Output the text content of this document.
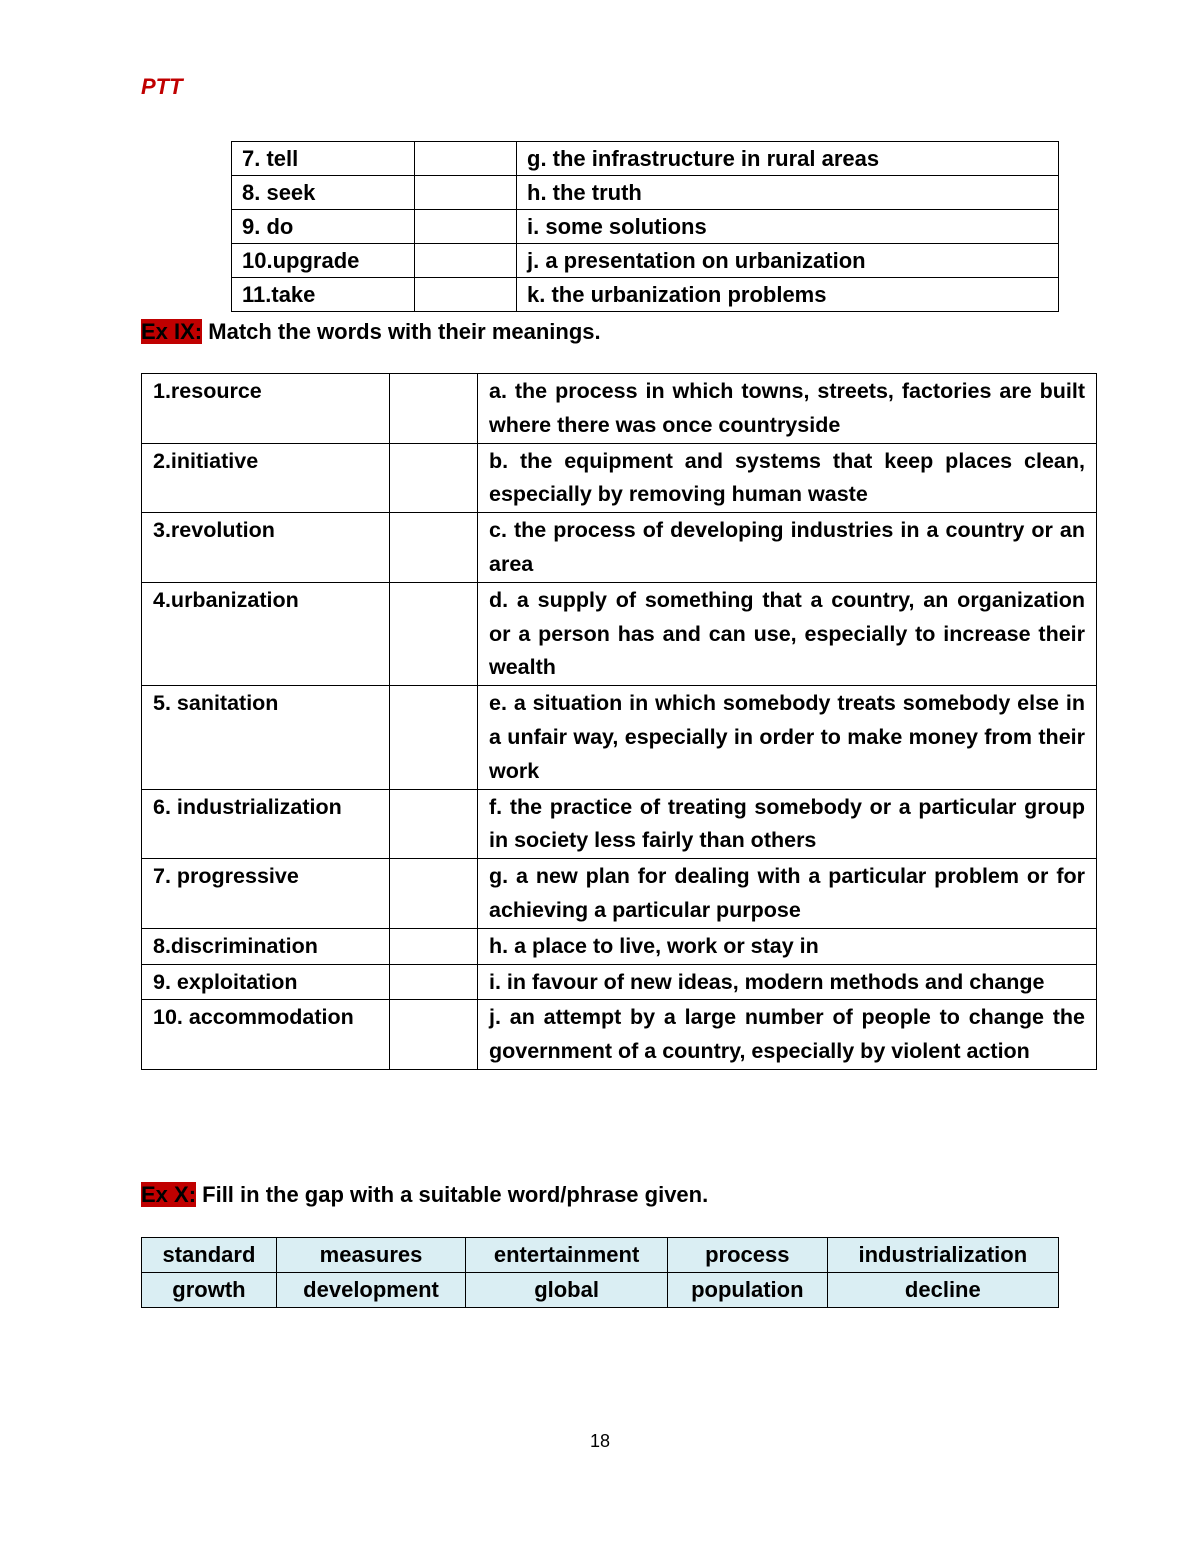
PTT
7. tell		g. the infrastructure in rural areas
8. seek		h. the truth
9. do		i. some solutions
10.upgrade		j. a presentation on urbanization
11.take		k. the urbanization problems
Ex IX: Match the words with their meanings.
1.resource		a. the process in which towns, streets, factories are built where there was once countryside
2.initiative		b. the equipment and systems that keep places clean, especially by removing human waste
3.revolution		c. the process of developing industries in a country or an area
4.urbanization		d. a supply of something that a country, an organization or a person has and can use, especially to increase their wealth
5. sanitation		e. a situation in which somebody treats somebody else in a unfair way, especially in order to make money from their work
6. industrialization		f. the practice of treating somebody or a particular group in society less fairly than others
7. progressive		g. a new plan for dealing with a particular problem or for achieving a particular purpose
8.discrimination		h. a place to live, work or stay in
9. exploitation		i. in favour of new ideas, modern methods and change
10. accommodation		j. an attempt by a large number of people to change the government of a country, especially by violent action
Ex X: Fill in the gap with a suitable word/phrase given.
standard	measures	entertainment	process	industrialization
growth	development	global	population	decline
18
